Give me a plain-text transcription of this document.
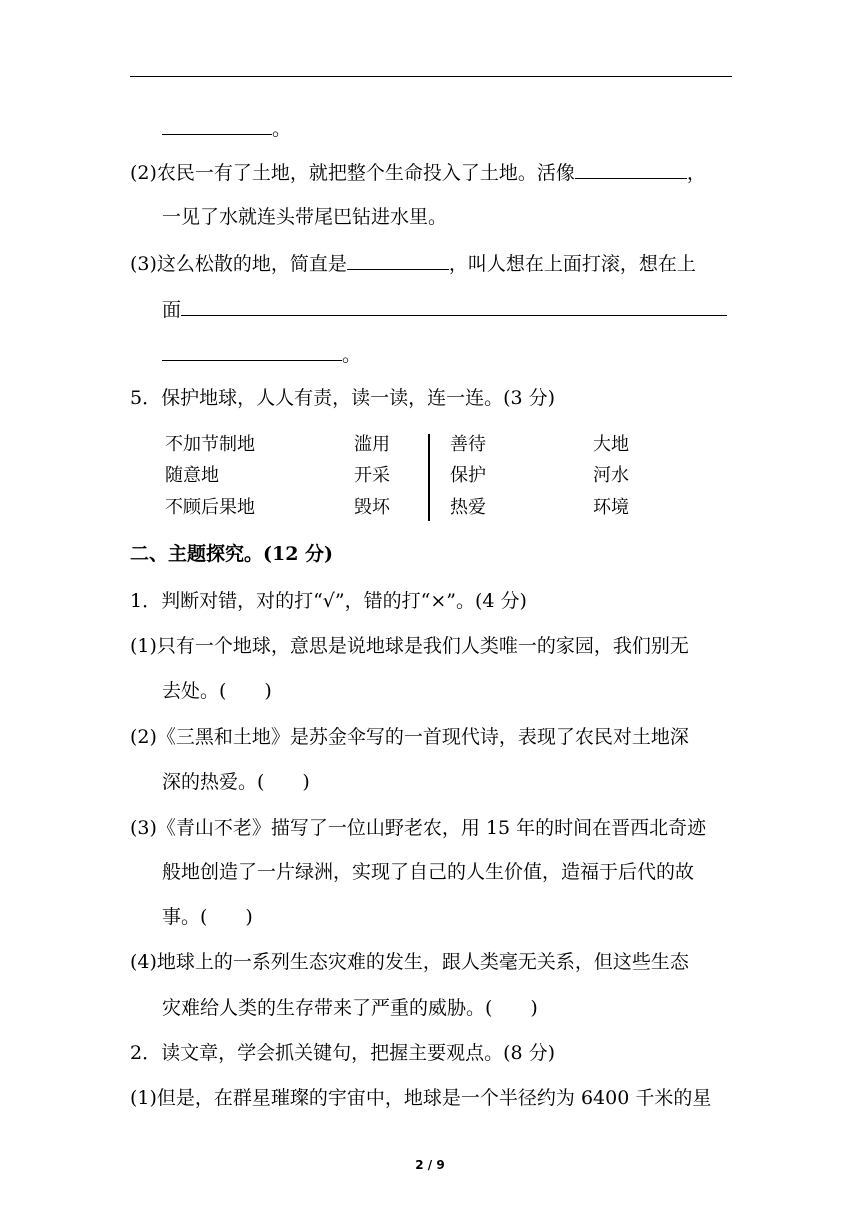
。
(2)农民一有了土地，就把整个生命投入了土地。活像	，
一见了水就连头带尾巴钻进水里。
(3)这么松散的地，简直是	，叫人想在上面打滚，想在上
面
。
5．保护地球，人人有责，读一读，连一连。(3 分)
不加节制地
随意地
不顾后果地
滥用
开采
毁坏
善待
保护
热爱
大地
河水
环境
二、主题探究。(12 分)
1．判断对错，对的打“√”，错的打“×”。(4 分)
(1)只有一个地球，意思是说地球是我们人类唯一的家园，我们别无
去处。(　　)
(2)《三黑和土地》是苏金伞写的一首现代诗，表现了农民对土地深
深的热爱。(　　)
(3)《青山不老》描写了一位山野老农，用 15 年的时间在晋西北奇迹
般地创造了一片绿洲，实现了自己的人生价值，造福于后代的故
事。(　　)
(4)地球上的一系列生态灾难的发生，跟人类毫无关系，但这些生态
灾难给人类的生存带来了严重的威胁。(　　)
2．读文章，学会抓关键句，把握主要观点。(8 分)
(1)但是，在群星璀璨的宇宙中，地球是一个半径约为 6400 千米的星
2 / 9
